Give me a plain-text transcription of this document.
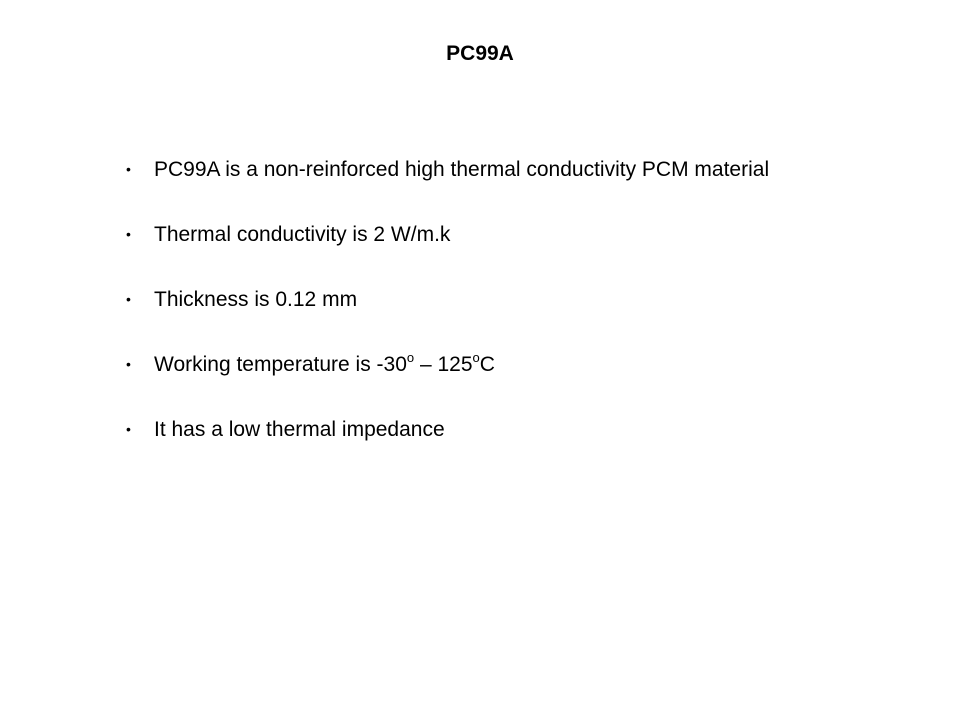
PC99A
• PC99A is a non-reinforced high thermal conductivity PCM material
• Thermal conductivity is 2 W/m.k
• Thickness is 0.12 mm
• Working temperature is -30$^o$ – 125$^o$C
• It has a low thermal impedance
